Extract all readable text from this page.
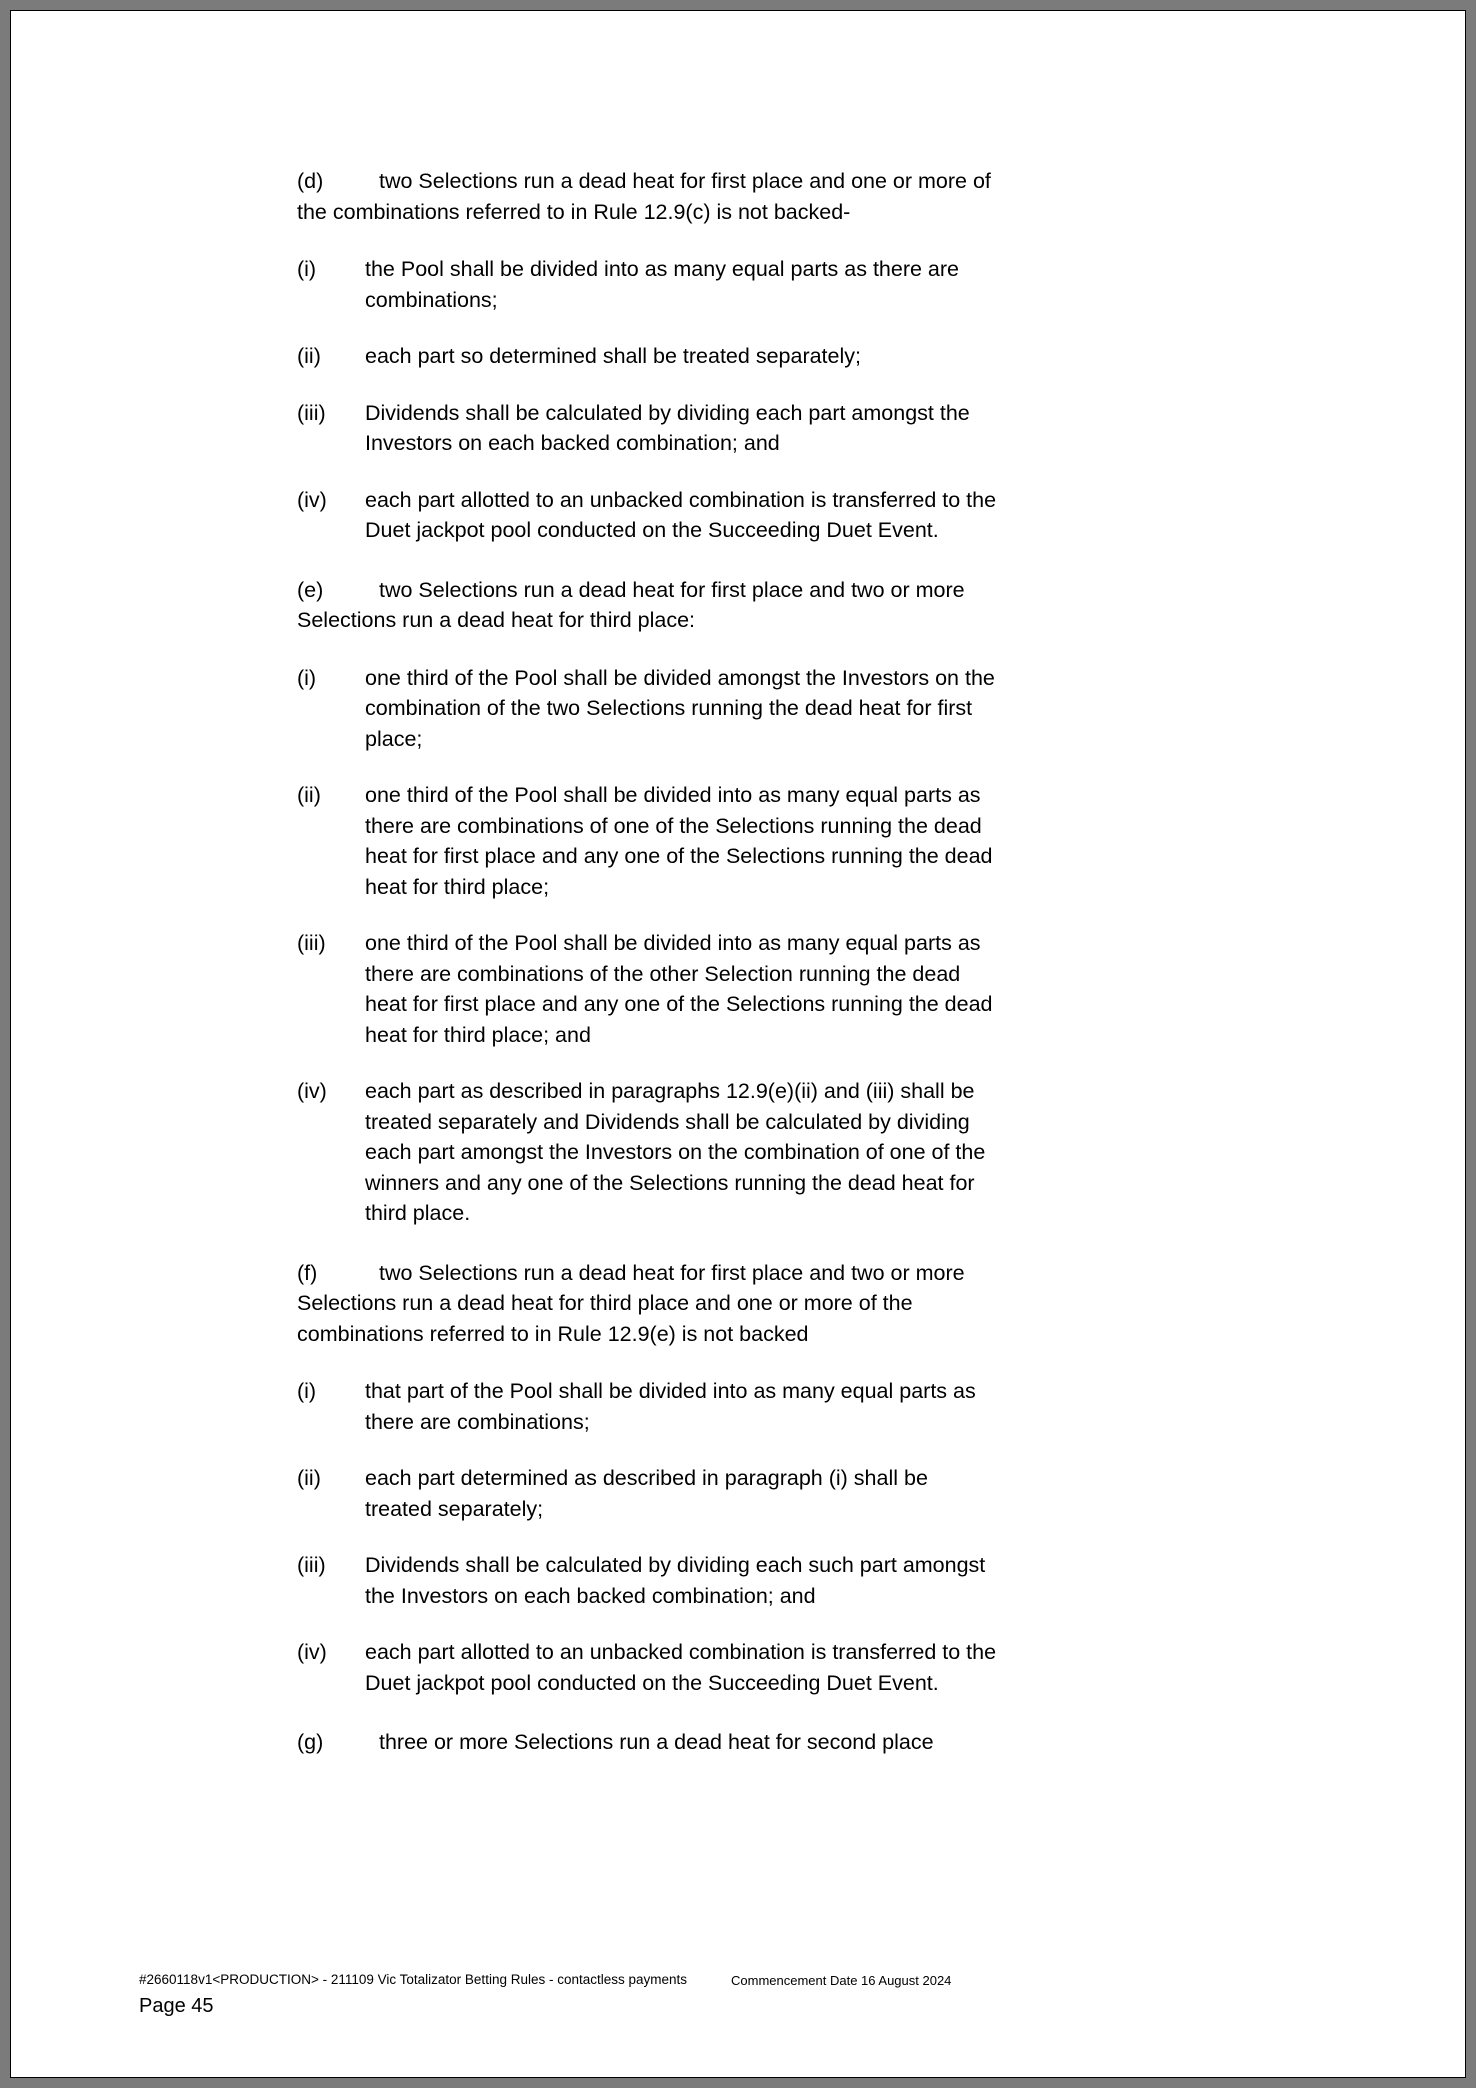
(d)	two Selections run a dead heat for first place and one or more of the combinations referred to in Rule 12.9(c) is not backed-

(i)	the Pool shall be divided into as many equal parts as there are combinations;
(ii)	each part so determined shall be treated separately;
(iii)	Dividends shall be calculated by dividing each part amongst the Investors on each backed combination; and
(iv)	each part allotted to an unbacked combination is transferred to the Duet jackpot pool conducted on the Succeeding Duet Event.

(e)	two Selections run a dead heat for first place and two or more Selections run a dead heat for third place:

(i)	one third of the Pool shall be divided amongst the Investors on the combination of the two Selections running the dead heat for first place;
(ii)	one third of the Pool shall be divided into as many equal parts as there are combinations of one of the Selections running the dead heat for first place and any one of the Selections running the dead heat for third place;
(iii)	one third of the Pool shall be divided into as many equal parts as there are combinations of the other Selection running the dead heat for first place and any one of the Selections running the dead heat for third place; and
(iv)	each part as described in paragraphs 12.9(e)(ii) and (iii) shall be treated separately and Dividends shall be calculated by dividing each part amongst the Investors on the combination of one of the winners and any one of the Selections running the dead heat for third place.

(f)	two Selections run a dead heat for first place and two or more Selections run a dead heat for third place and one or more of the combinations referred to in Rule 12.9(e) is not backed

(i)	that part of the Pool shall be divided into as many equal parts as there are combinations;
(ii)	each part determined as described in paragraph (i) shall be treated separately;
(iii)	Dividends shall be calculated by dividing each such part amongst the Investors on each backed combination; and
(iv)	each part allotted to an unbacked combination is transferred to the Duet jackpot pool conducted on the Succeeding Duet Event.

(g)	three or more Selections run a dead heat for second place

#2660118v1<PRODUCTION> - 211109 Vic Totalizator Betting Rules - contactless payments	Commencement Date 16 August 2024
Page 45
